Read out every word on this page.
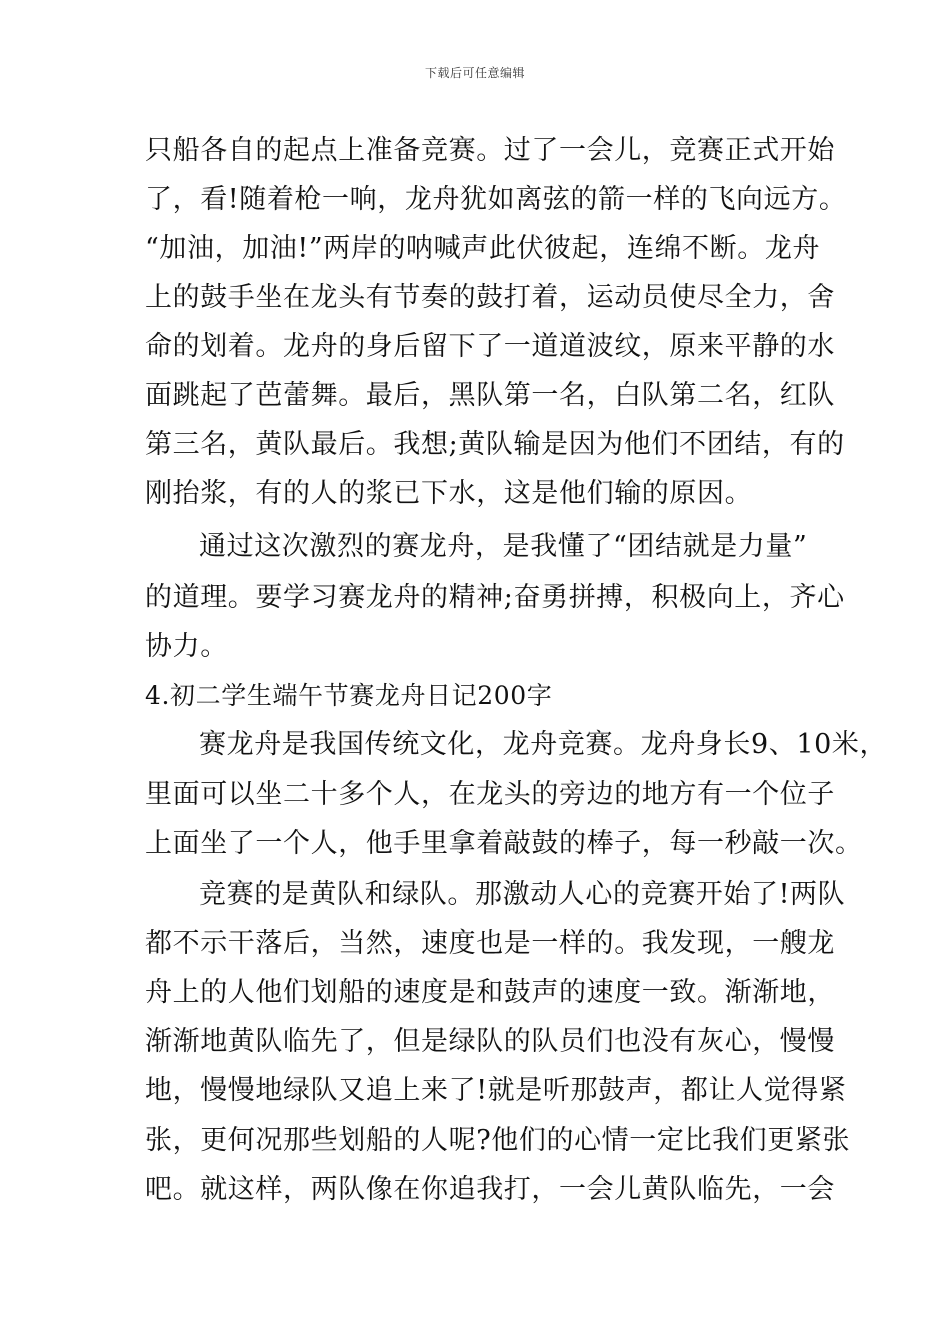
下载后可任意编辑
只船各自的起点上准备竞赛。过了一会儿，竞赛正式开始
了，看!随着枪一响，龙舟犹如离弦的箭一样的飞向远方。
“加油，加油!”两岸的呐喊声此伏彼起，连绵不断。龙舟
上的鼓手坐在龙头有节奏的鼓打着，运动员使尽全力，舍
命的划着。龙舟的身后留下了一道道波纹，原来平静的水
面跳起了芭蕾舞。最后，黑队第一名，白队第二名，红队
第三名，黄队最后。我想;黄队输是因为他们不团结，有的
刚抬浆，有的人的浆已下水，这是他们输的原因。
通过这次激烈的赛龙舟，是我懂了“团结就是力量”
的道理。要学习赛龙舟的精神;奋勇拼搏，积极向上，齐心
协力。
4.初二学生端午节赛龙舟日记200字
赛龙舟是我国传统文化，龙舟竞赛。龙舟身长9、10米，
里面可以坐二十多个人，在龙头的旁边的地方有一个位子
上面坐了一个人，他手里拿着敲鼓的棒子，每一秒敲一次。
竞赛的是黄队和绿队。那激动人心的竞赛开始了!两队
都不示干落后，当然，速度也是一样的。我发现，一艘龙
舟上的人他们划船的速度是和鼓声的速度一致。渐渐地，
渐渐地黄队临先了，但是绿队的队员们也没有灰心，慢慢
地，慢慢地绿队又追上来了!就是听那鼓声，都让人觉得紧
张，更何况那些划船的人呢?他们的心情一定比我们更紧张
吧。就这样，两队像在你追我打，一会儿黄队临先，一会
